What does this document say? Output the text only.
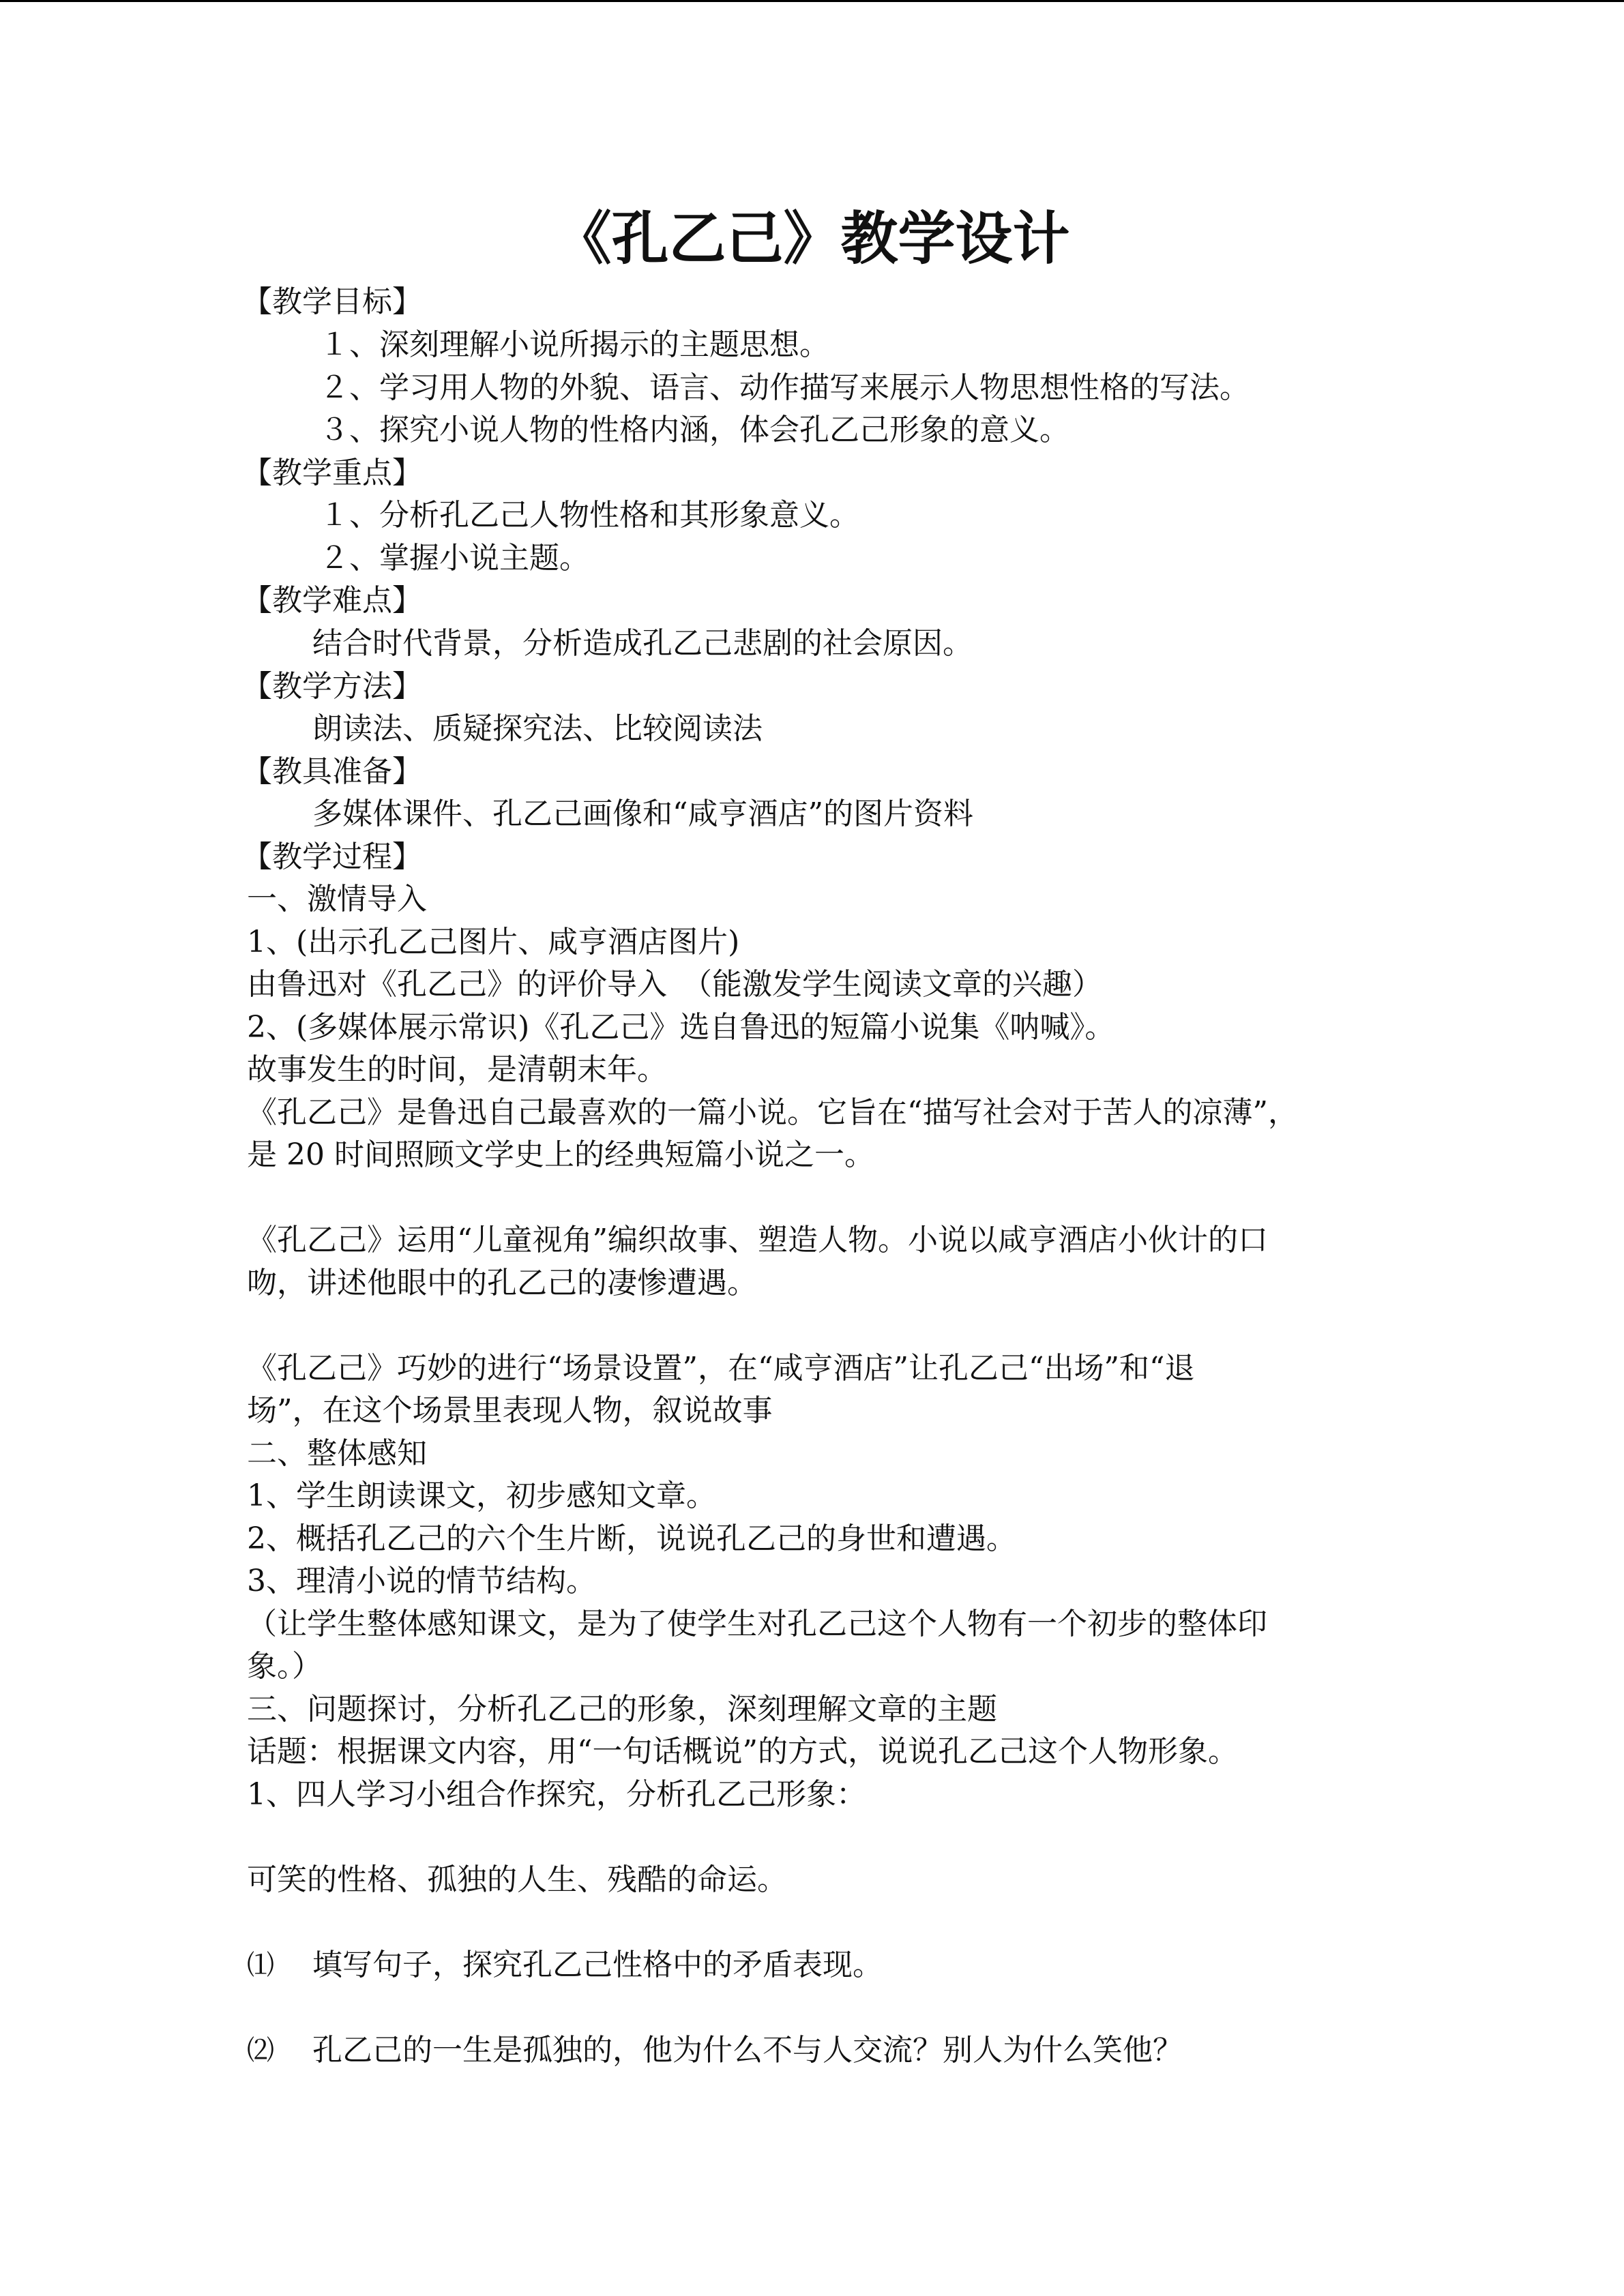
《孔乙己》教学设计
【教学目标】
１、深刻理解小说所揭示的主题思想。
２、学习用人物的外貌、语言、动作描写来展示人物思想性格的写法。
３、探究小说人物的性格内涵，体会孔乙己形象的意义。
【教学重点】
１、分析孔乙己人物性格和其形象意义。
２、掌握小说主题。
【教学难点】
结合时代背景，分析造成孔乙己悲剧的社会原因。
【教学方法】
朗读法、质疑探究法、比较阅读法
【教具准备】
多媒体课件、孔乙己画像和“咸亨酒店”的图片资料
【教学过程】
一、激情导入
1、(出示孔乙己图片、咸亨酒店图片)
由鲁迅对《孔乙己》的评价导入　（能激发学生阅读文章的兴趣）
2、(多媒体展示常识)《孔乙己》选自鲁迅的短篇小说集《呐喊》。
故事发生的时间，是清朝末年。
《孔乙己》是鲁迅自己最喜欢的一篇小说。它旨在“描写社会对于苦人的凉薄”，
是 20 时间照顾文学史上的经典短篇小说之一。
《孔乙己》运用“儿童视角”编织故事、塑造人物。小说以咸亨酒店小伙计的口
吻，讲述他眼中的孔乙己的凄惨遭遇。
《孔乙己》巧妙的进行“场景设置”，在“咸亨酒店”让孔乙己“出场”和“退
场”，在这个场景里表现人物，叙说故事
二、整体感知
1、学生朗读课文，初步感知文章。
2、概括孔乙己的六个生片断，说说孔乙己的身世和遭遇。
3、理清小说的情节结构。
（让学生整体感知课文，是为了使学生对孔乙己这个人物有一个初步的整体印
象。）
三、问题探讨，分析孔乙己的形象，深刻理解文章的主题
话题：根据课文内容，用“一句话概说”的方式，说说孔乙己这个人物形象。
1、四人学习小组合作探究，分析孔乙己形象：
可笑的性格、孤独的人生、残酷的命运。
⑴ 填写句子，探究孔乙己性格中的矛盾表现。
⑵ 孔乙己的一生是孤独的，他为什么不与人交流？别人为什么笑他？
